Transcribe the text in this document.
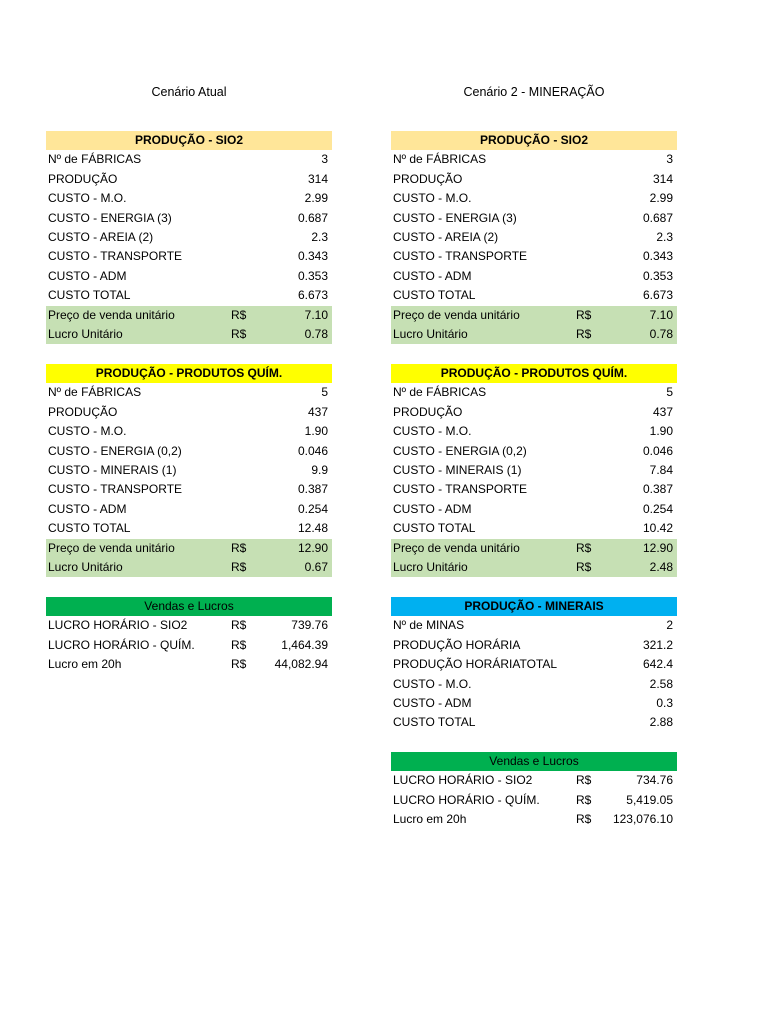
Cenário Atual
PRODUÇÃO - SIO2
Nº de FÁBRICAS	3
PRODUÇÃO	314
CUSTO - M.O.	2.99
CUSTO - ENERGIA (3)	0.687
CUSTO - AREIA (2)	2.3
CUSTO - TRANSPORTE	0.343
CUSTO - ADM	0.353
CUSTO TOTAL	6.673
Preço de venda unitário	R$	7.10
Lucro Unitário	R$	0.78
PRODUÇÃO - PRODUTOS QUÍM.
Nº de FÁBRICAS	5
PRODUÇÃO	437
CUSTO - M.O.	1.90
CUSTO - ENERGIA (0,2)	0.046
CUSTO - MINERAIS (1)	9.9
CUSTO - TRANSPORTE	0.387
CUSTO - ADM	0.254
CUSTO TOTAL	12.48
Preço de venda unitário	R$	12.90
Lucro Unitário	R$	0.67
Vendas e Lucros
LUCRO HORÁRIO - SIO2	R$	739.76
LUCRO HORÁRIO - QUÍM.	R$	1,464.39
Lucro em 20h	R$ 44,082.94
Cenário 2 - MINERAÇÃO
PRODUÇÃO - SIO2
Nº de FÁBRICAS	3
PRODUÇÃO	314
CUSTO - M.O.	2.99
CUSTO - ENERGIA (3)	0.687
CUSTO - AREIA (2)	2.3
CUSTO - TRANSPORTE	0.343
CUSTO - ADM	0.353
CUSTO TOTAL	6.673
Preço de venda unitário	R$	7.10
Lucro Unitário	R$	0.78
PRODUÇÃO - PRODUTOS QUÍM.
Nº de FÁBRICAS	5
PRODUÇÃO	437
CUSTO - M.O.	1.90
CUSTO - ENERGIA (0,2)	0.046
CUSTO - MINERAIS (1)	7.84
CUSTO - TRANSPORTE	0.387
CUSTO - ADM	0.254
CUSTO TOTAL	10.42
Preço de venda unitário	R$	12.90
Lucro Unitário	R$	2.48
PRODUÇÃO - MINERAIS
Nº de MINAS	2
PRODUÇÃO HORÁRIA	321.2
PRODUÇÃO HORÁRIATOTAL	642.4
CUSTO - M.O.	2.58
CUSTO - ADM	0.3
CUSTO TOTAL	2.88
Vendas e Lucros
LUCRO HORÁRIO - SIO2	R$	734.76
LUCRO HORÁRIO - QUÍM.	R$	5,419.05
Lucro em 20h	R$ 123,076.10
